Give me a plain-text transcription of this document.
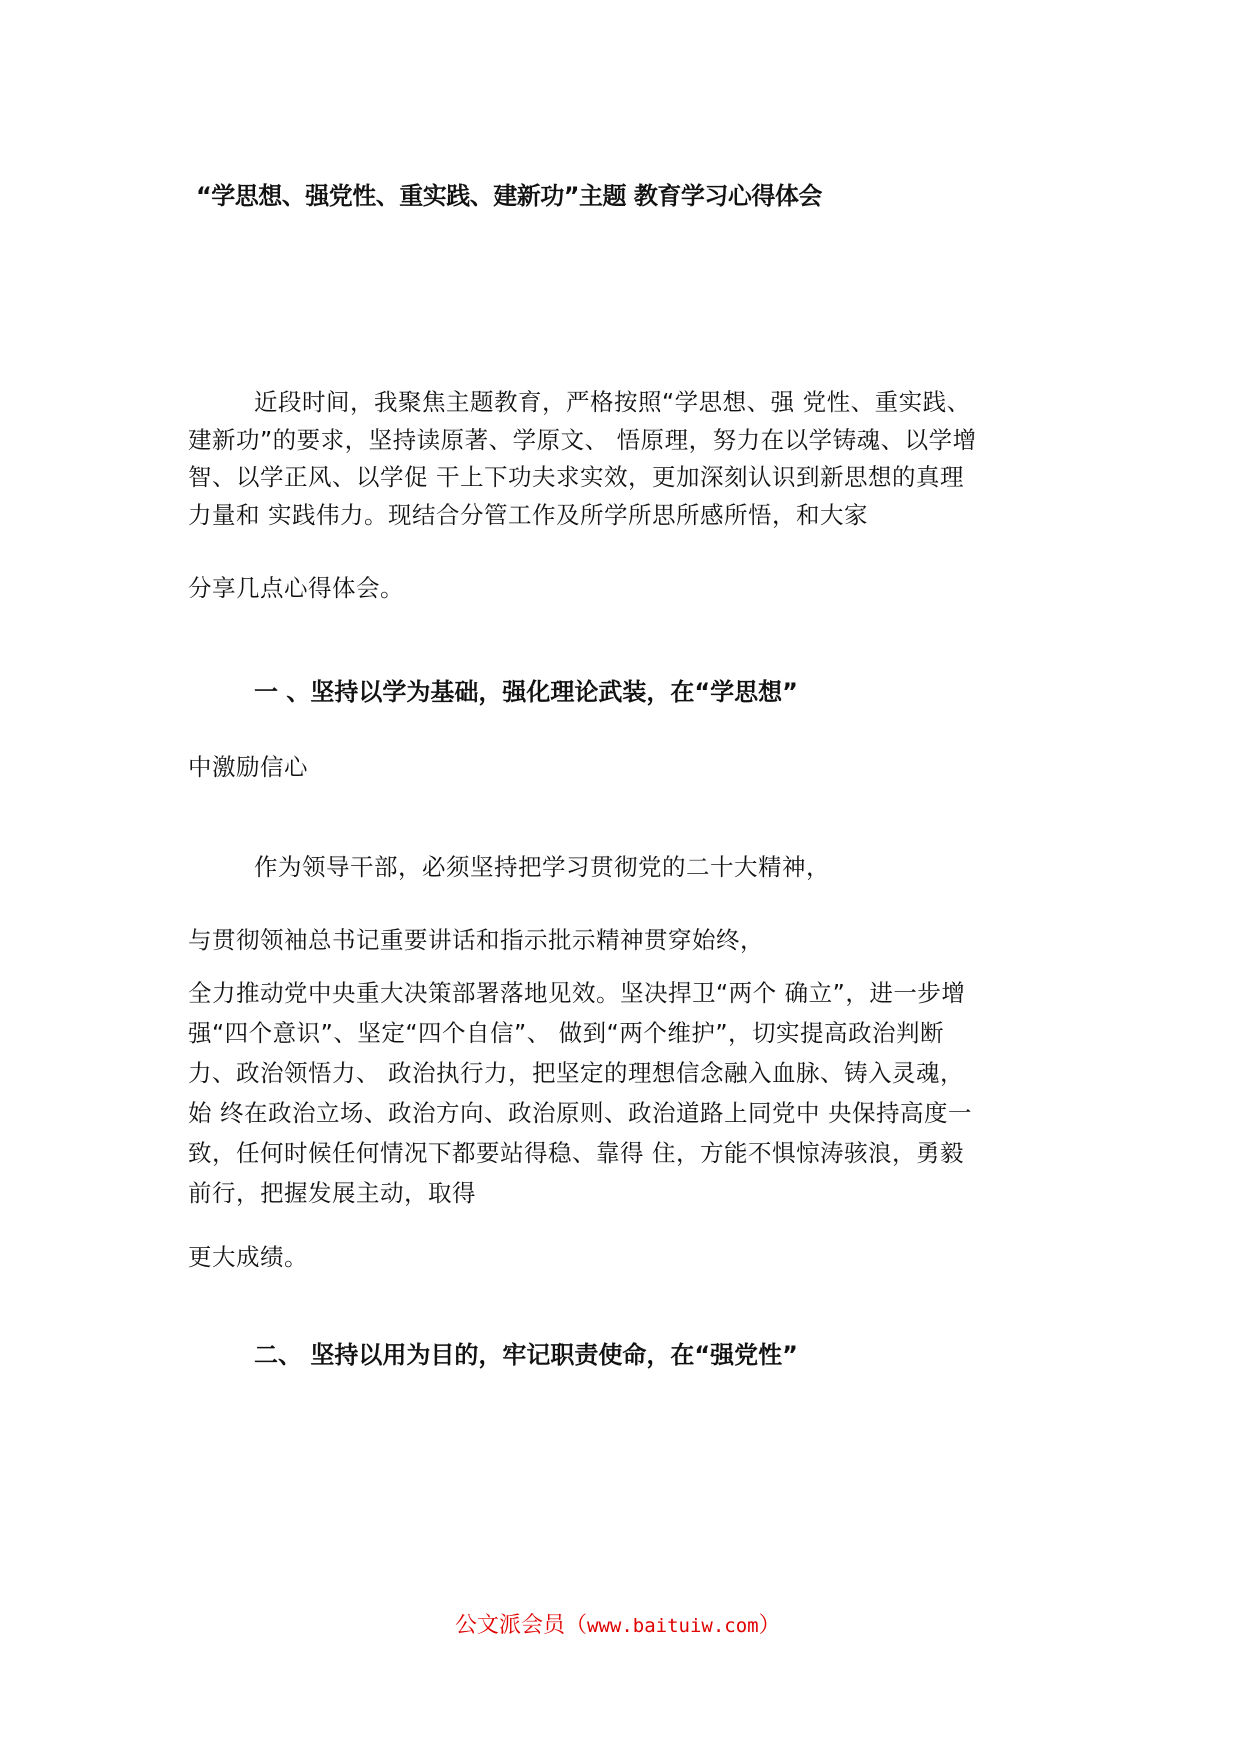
“学思想、强党性、重实践、建新功”主题 教育学习心得体会
近段时间，我聚焦主题教育，严格按照“学思想、强 党性、重实践、
建新功”的要求，坚持读原著、学原文、 悟原理，努力在以学铸魂、以学增
智、以学正风、以学促 干上下功夫求实效，更加深刻认识到新思想的真理
力量和 实践伟力。现结合分管工作及所学所思所感所悟，和大家

分享几点心得体会。

一 、坚持以学为基础，强化理论武装，在“学思想”

中激励信心

作为领导干部，必须坚持把学习贯彻党的二十大精神，

与贯彻领袖总书记重要讲话和指示批示精神贯穿始终，

全力推动党中央重大决策部署落地见效。坚决捍卫“两个 确立”，进一步增
强“四个意识”、坚定“四个自信”、 做到“两个维护”，切实提高政治判断
力、政治领悟力、 政治执行力，把坚定的理想信念融入血脉、铸入灵魂，
始 终在政治立场、政治方向、政治原则、政治道路上同党中 央保持高度一
致，任何时候任何情况下都要站得稳、靠得 住，方能不惧惊涛骇浪，勇毅
前行，把握发展主动，取得

更大成绩。

二、 坚持以用为目的，牢记职责使命，在“强党性”
公文派会员（www.baituiw.com）
